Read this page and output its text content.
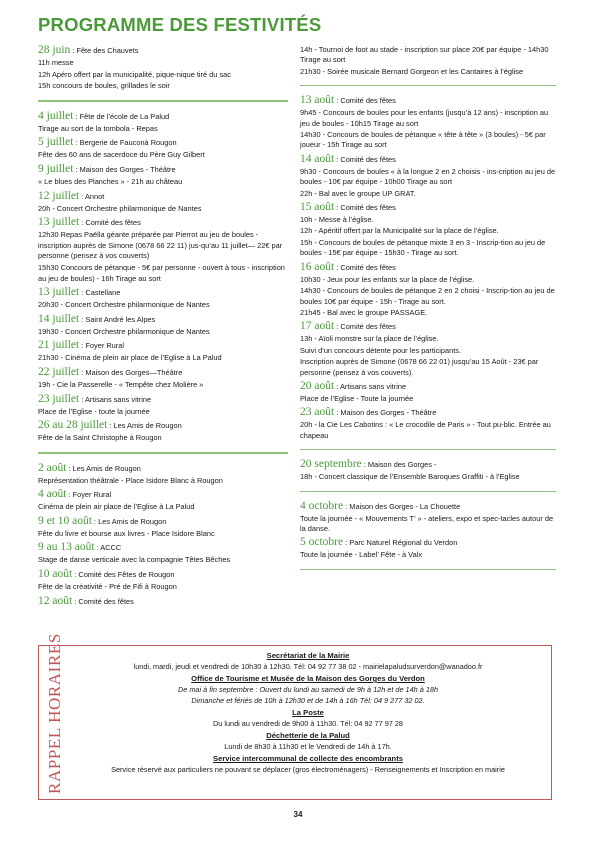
PROGRAMME DES FESTIVITÉS
28 juin : Fête des Chauvets
11h messe
12h Apéro offert par la municipalité, pique-nique tiré du sac
15h concours de boules, grillades le soir
4 juillet : Fête de l’école de La Palud
Tirage au sort de la tombola - Repas
5 juillet : Bergerie de Fauconà Rougon
Fête des 60 ans de sacerdoce du Père Guy Gilbert
9 juillet : Maison des Gorges - Théâtre
« Le blues des Planches » - 21h au château
12 juillet : Annot
20h - Concert Orchestre philarmonique de Nantes
13 juillet : Comité des fêtes
12h30 Repas Paëlla géante préparée par Pierrot au jeu de boules - inscription auprès de Simone (0678 66 22 11) jus-qu’au 11 juillet— 22€ par personne (pensez à vos couverts)
15h30 Concours de pétanque - 5€ par personne - ouvert à tous - inscription au jeu de boules) - 16h Tirage au sort
13 juillet : Castellane
20h30 - Concert Orchestre philarmonique de Nantes
14 juillet : Saint André les Alpes
19h30 - Concert Orchestre philarmonique de Nantes
21 juillet : Foyer Rural
21h30 - Cinéma de plein air place de l’Eglise à La Palud
22 juillet : Maison des Gorges—Théâtre
19h - Cie la Passerelle - « Tempête chez Molière »
23 juillet : Artisans sans vitrine
Place de l’Eglise - toute la journée
26 au 28 juillet : Les Amis de Rougon
Fête de la Saint Christophe à Rougon
2 août : Les Amis de Rougon
Représentation théâtrale - Place Isidore Blanc à Rougon
4 août : Foyer Rural
Cinéma de plein air place de l’Eglise à La Palud
9 et 10 août : Les Amis de Rougon
Fête du livre et bourse aux livres - Place Isidore Blanc
9 au 13 août : ACCC
Stage de danse verticale avec la compagnie Têtes Bêches
10 août : Comité des Fêtes de Rougon
Fête de la créativité - Pré de Fifi à Rougon
12 août : Comité des fêtes
14h - Tournoi de foot au stade - inscription sur place 20€ par équipe - 14h30 Tirage au sort
21h30 - Soirée musicale Bernard Gorgeon et les Cantaires à l’église
13 août : Comité des fêtes
9h45 - Concours de boules pour les enfants (jusqu’à 12 ans) - inscription au jeu de boules - 10h15 Tirage au sort
14h30 - Concours de boules de pétanque « tête à tête » (3 boules) - 5€ par joueur - 15h Tirage au sort
14 août : Comité des fêtes
9h30 - Concours de boules « à la longue 2 en 2 choisis - ins-cription au jeu de boules - 10€ par équipe - 10h00 Tirage au sort
22h - Bal avec le groupe UP GRAT.
15 août : Comité des fêtes
10h - Messe à l’église.
12h - Apéritif offert par la Municipalité sur la place de l’église.
15h - Concours de boules de pétanque mixte 3 en 3 - Inscrip-tion au jeu de boules - 15€ par équipe - 15h30 - Tirage au sort.
16 août : Comité des fêtes
10h30 - Jeux pour les enfants sur la place de l’église.
14h30 - Concours de boules de pétanque 2 en 2 choisi - Inscrip-tion au jeu de boules 10€ par équipe - 15h - Tirage au sort.
21h45 - Bal avec le groupe PASSAGE.
17 août : Comité des fêtes
13h - Aïoli monstre sur la place de l’église.
Suivi d’un concours détente pour les participants.
Inscription auprès de Simone (0678 66 22 01) jusqu’au 15 Août - 23€ par personne (pensez à vos couverts).
20 août : Artisans sans vitrine
Place de l’Eglise - Toute la journée
23 août : Maison des Gorges - Théâtre
20h - la Cie Les Cabotins : « Le crocodile de Paris » - Tout pu-blic. Entrée au chapeau
20 septembre : Maison des Gorges -
18h - Concert classique de l’Ensemble Baroques Graffiti - à l’Eglise
4 octobre : Maison des Gorges - La Chouette
Toute la journée - « Mouvements T’ » - ateliers, expo et spec-tacles autour de la danse.
5 octobre : Parc Naturel Régional du Verdon
Toute la journée - Label’ Fête - à Valx
RAPPEL HORAIRES	Secrétariat de la Mairie

lundi, mardi, jeudi et vendredi de 10h30 à 12h30. Tél: 04 92 77 38 02 - mairielapaludsurverdon@wanadoo.fr

Office de Tourisme et Musée de la Maison des Gorges du Verdon

De mai à fin septembre : Ouvert du lundi au samedi de 9h à 12h et de 14h à 18h

Dimanche et fériés de 10h à 12h30 et de 14h à 16h Tél: 04 9 277 32 02.

La Poste

Du lundi au vendredi de 9h00 à 11h30. Tél: 04 92 77 97 28

Déchetterie de la Palud

Lundi de 8h30 à 11h30 et le Vendredi de 14h à 17h.

Service intercommunal de collecte des encombrants

Service réservé aux particuliers ne pouvant se déplacer (gros électroménagers) - Renseignements et Inscription en mairie

34
